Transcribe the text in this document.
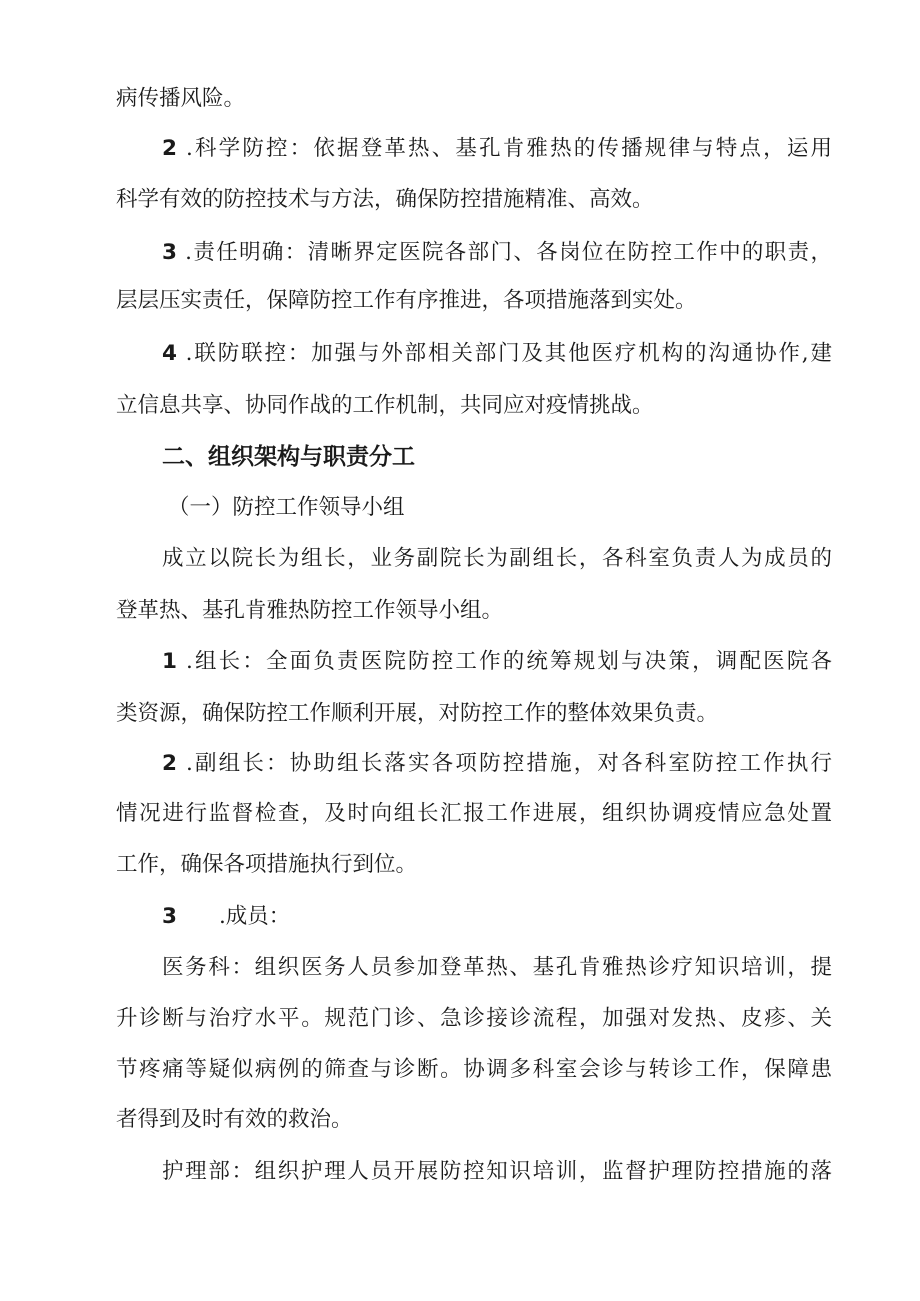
病传播风险。
2 .科学防控：依据登革热、基孔肯雅热的传播规律与特点，运用
科学有效的防控技术与方法，确保防控措施精准、高效。
3 .责任明确：清晰界定医院各部门、各岗位在防控工作中的职责，
层层压实责任，保障防控工作有序推进，各项措施落到实处。
4 .联防联控：加强与外部相关部门及其他医疗机构的沟通协作,建
立信息共享、协同作战的工作机制，共同应对疫情挑战。
二、组织架构与职责分工
（一）防控工作领导小组
成立以院长为组长，业务副院长为副组长，各科室负责人为成员的
登革热、基孔肯雅热防控工作领导小组。
1 .组长：全面负责医院防控工作的统筹规划与决策，调配医院各
类资源，确保防控工作顺利开展，对防控工作的整体效果负责。
2 .副组长：协助组长落实各项防控措施，对各科室防控工作执行
情况进行监督检查，及时向组长汇报工作进展，组织协调疫情应急处置
工作，确保各项措施执行到位。
3 .成员：
医务科：组织医务人员参加登革热、基孔肯雅热诊疗知识培训，提
升诊断与治疗水平。规范门诊、急诊接诊流程，加强对发热、皮疹、关
节疼痛等疑似病例的筛查与诊断。协调多科室会诊与转诊工作，保障患
者得到及时有效的救治。
护理部：组织护理人员开展防控知识培训，监督护理防控措施的落
